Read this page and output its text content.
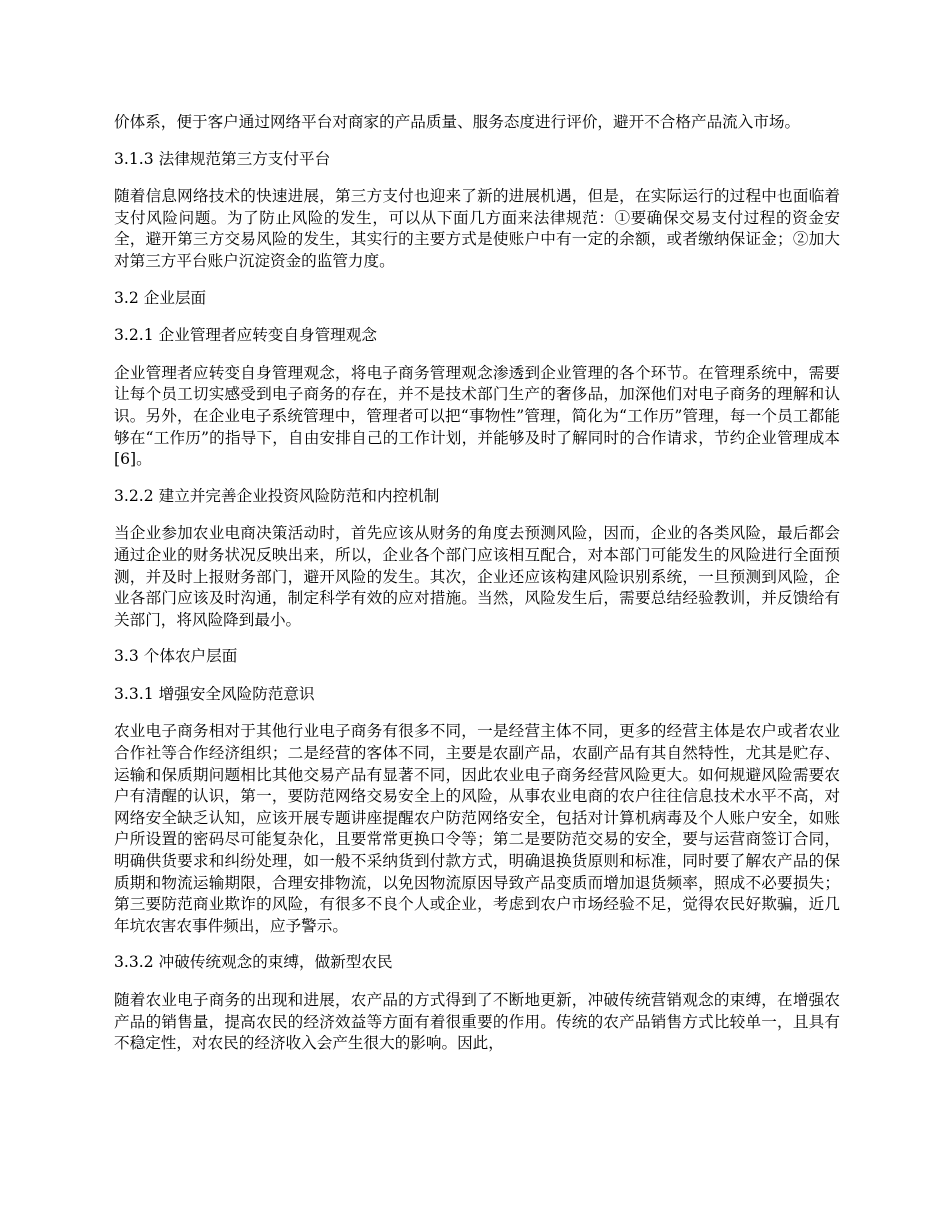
价体系，便于客户通过网络平台对商家的产品质量、服务态度进行评价，避开不合格产品流入市场。

3.1.3 法律规范第三方支付平台

随着信息网络技术的快速进展，第三方支付也迎来了新的进展机遇，但是，在实际运行的过程中也面临着支付风险问题。为了防止风险的发生，可以从下面几方面来法律规范：①要确保交易支付过程的资金安全，避开第三方交易风险的发生，其实行的主要方式是使账户中有一定的余额，或者缴纳保证金；②加大对第三方平台账户沉淀资金的监管力度。

3.2 企业层面
3.2.1 企业管理者应转变自身管理观念

企业管理者应转变自身管理观念，将电子商务管理观念渗透到企业管理的各个环节。在管理系统中，需要让每个员工切实感受到电子商务的存在，并不是技术部门生产的奢侈品，加深他们对电子商务的理解和认识。另外，在企业电子系统管理中，管理者可以把“事物性”管理，简化为“工作历”管理，每一个员工都能够在“工作历”的指导下，自由安排自己的工作计划，并能够及时了解同时的合作请求，节约企业管理成本[6]。

3.2.2 建立并完善企业投资风险防范和内控机制

当企业参加农业电商决策活动时，首先应该从财务的角度去预测风险，因而，企业的各类风险，最后都会通过企业的财务状况反映出来，所以，企业各个部门应该相互配合，对本部门可能发生的风险进行全面预测，并及时上报财务部门，避开风险的发生。其次，企业还应该构建风险识别系统，一旦预测到风险，企业各部门应该及时沟通，制定科学有效的应对措施。当然，风险发生后，需要总结经验教训，并反馈给有关部门，将风险降到最小。

3.3 个体农户层面
3.3.1 增强安全风险防范意识

农业电子商务相对于其他行业电子商务有很多不同，一是经营主体不同，更多的经营主体是农户或者农业合作社等合作经济组织；二是经营的客体不同，主要是农副产品，农副产品有其自然特性，尤其是贮存、运输和保质期问题相比其他交易产品有显著不同，因此农业电子商务经营风险更大。如何规避风险需要农户有清醒的认识，第一，要防范网络交易安全上的风险，从事农业电商的农户往往信息技术水平不高，对网络安全缺乏认知，应该开展专题讲座提醒农户防范网络安全，包括对计算机病毒及个人账户安全，如账户所设置的密码尽可能复杂化，且要常常更换口令等；第二是要防范交易的安全，要与运营商签订合同，明确供货要求和纠纷处理，如一般不采纳货到付款方式，明确退换货原则和标准，同时要了解农产品的保质期和物流运输期限，合理安排物流，以免因物流原因导致产品变质而增加退货频率，照成不必要损失；第三要防范商业欺诈的风险，有很多不良个人或企业，考虑到农户市场经验不足，觉得农民好欺骗，近几年坑农害农事件频出，应予警示。

3.3.2 冲破传统观念的束缚，做新型农民

随着农业电子商务的出现和进展，农产品的方式得到了不断地更新，冲破传统营销观念的束缚，在增强农产品的销售量，提高农民的经济效益等方面有着很重要的作用。传统的农产品销售方式比较单一，且具有不稳定性，对农民的经济收入会产生很大的影响。因此，
